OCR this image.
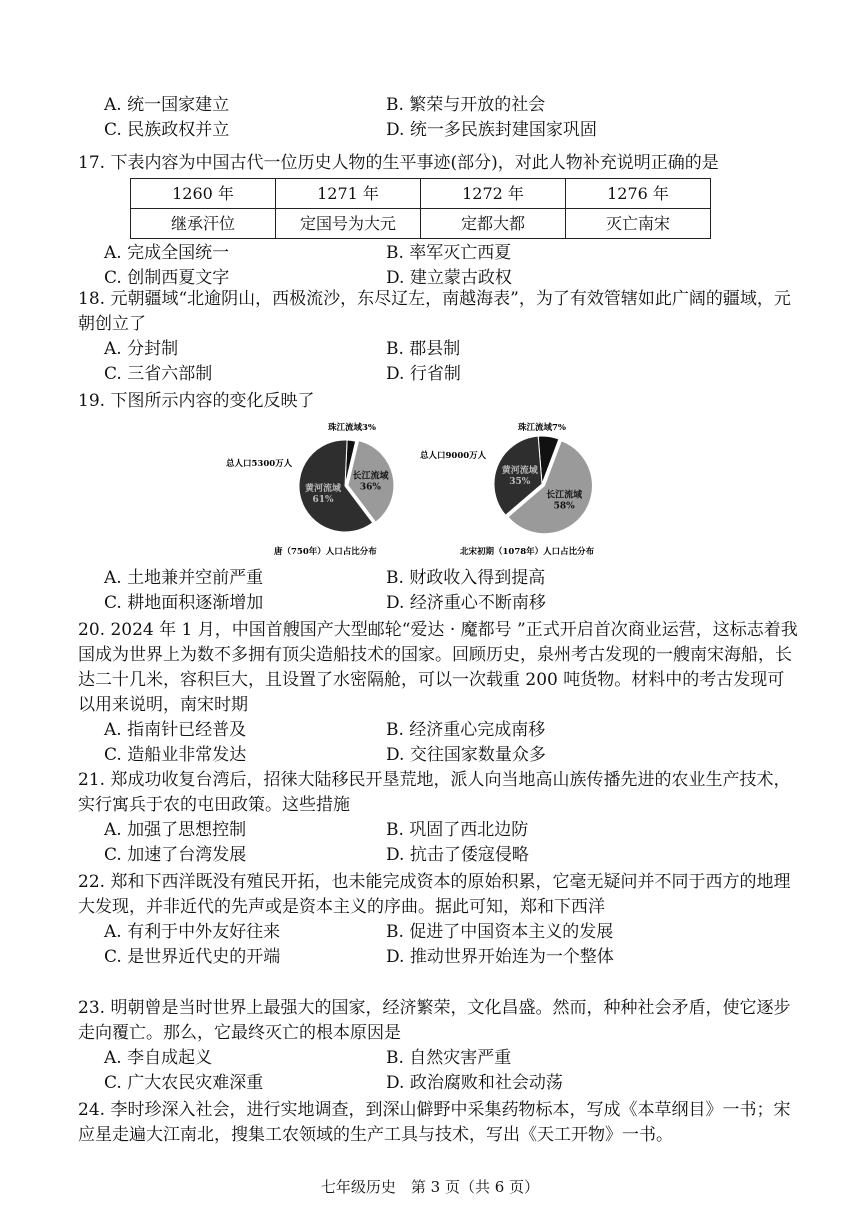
A. 统一国家建立	B. 繁荣与开放的社会
C. 民族政权并立	D. 统一多民族封建国家巩固

17. 下表内容为中国古代一位历史人物的生平事迹(部分)，对此人物补充说明正确的是

1260 年	1271 年	1272 年	1276 年
继承汗位	定国号为大元	定都大都	灭亡南宋
A. 完成全国统一	B. 率军灭亡西夏
C. 创制西夏文字	D. 建立蒙古政权

18. 元朝疆域“北逾阴山，西极流沙，东尽辽左，南越海表”，为了有效管辖如此广阔的疆域，元朝创立了

A. 分封制	B. 郡县制
C. 三省六部制	D. 行省制

19. 下图所示内容的变化反映了

长江流域
36%
黄河流域
61%	长江流域
58%
黄河流域
35%
总人口5300万人
总人口9000万人
珠江流域3%	珠江流域7%
唐（750年）人口占比分布	北宋初期（1078年）人口占比分布
A. 土地兼并空前严重	B. 财政收入得到提高
C. 耕地面积逐渐增加	D. 经济重心不断南移

20. 2024 年 1 月，中国首艘国产大型邮轮“爱达 · 魔都号 ”正式开启首次商业运营，这标志着我国成为世界上为数不多拥有顶尖造船技术的国家。回顾历史，泉州考古发现的一艘南宋海船，长达二十几米，容积巨大，且设置了水密隔舱，可以一次载重 200 吨货物。材料中的考古发现可以用来说明，南宋时期

A. 指南针已经普及	B. 经济重心完成南移
C. 造船业非常发达	D. 交往国家数量众多

21. 郑成功收复台湾后，招徕大陆移民开垦荒地，派人向当地高山族传播先进的农业生产技术，实行寓兵于农的屯田政策。这些措施

A. 加强了思想控制	B. 巩固了西北边防
C. 加速了台湾发展	D. 抗击了倭寇侵略

22. 郑和下西洋既没有殖民开拓，也未能完成资本的原始积累，它毫无疑问并不同于西方的地理大发现，并非近代的先声或是资本主义的序曲。据此可知，郑和下西洋

A. 有利于中外友好往来	B. 促进了中国资本主义的发展
C. 是世界近代史的开端	D. 推动世界开始连为一个整体

23. 明朝曾是当时世界上最强大的国家，经济繁荣，文化昌盛。然而，种种社会矛盾，使它逐步走向覆亡。那么，它最终灭亡的根本原因是

A. 李自成起义	B. 自然灾害严重
C. 广大农民灾难深重	D. 政治腐败和社会动荡

24. 李时珍深入社会，进行实地调查，到深山僻野中采集药物标本，写成《本草纲目》一书；宋应星走遍大江南北，搜集工农领域的生产工具与技术，写出《天工开物》一书。

七年级历史　第 3 页（共 6 页）
